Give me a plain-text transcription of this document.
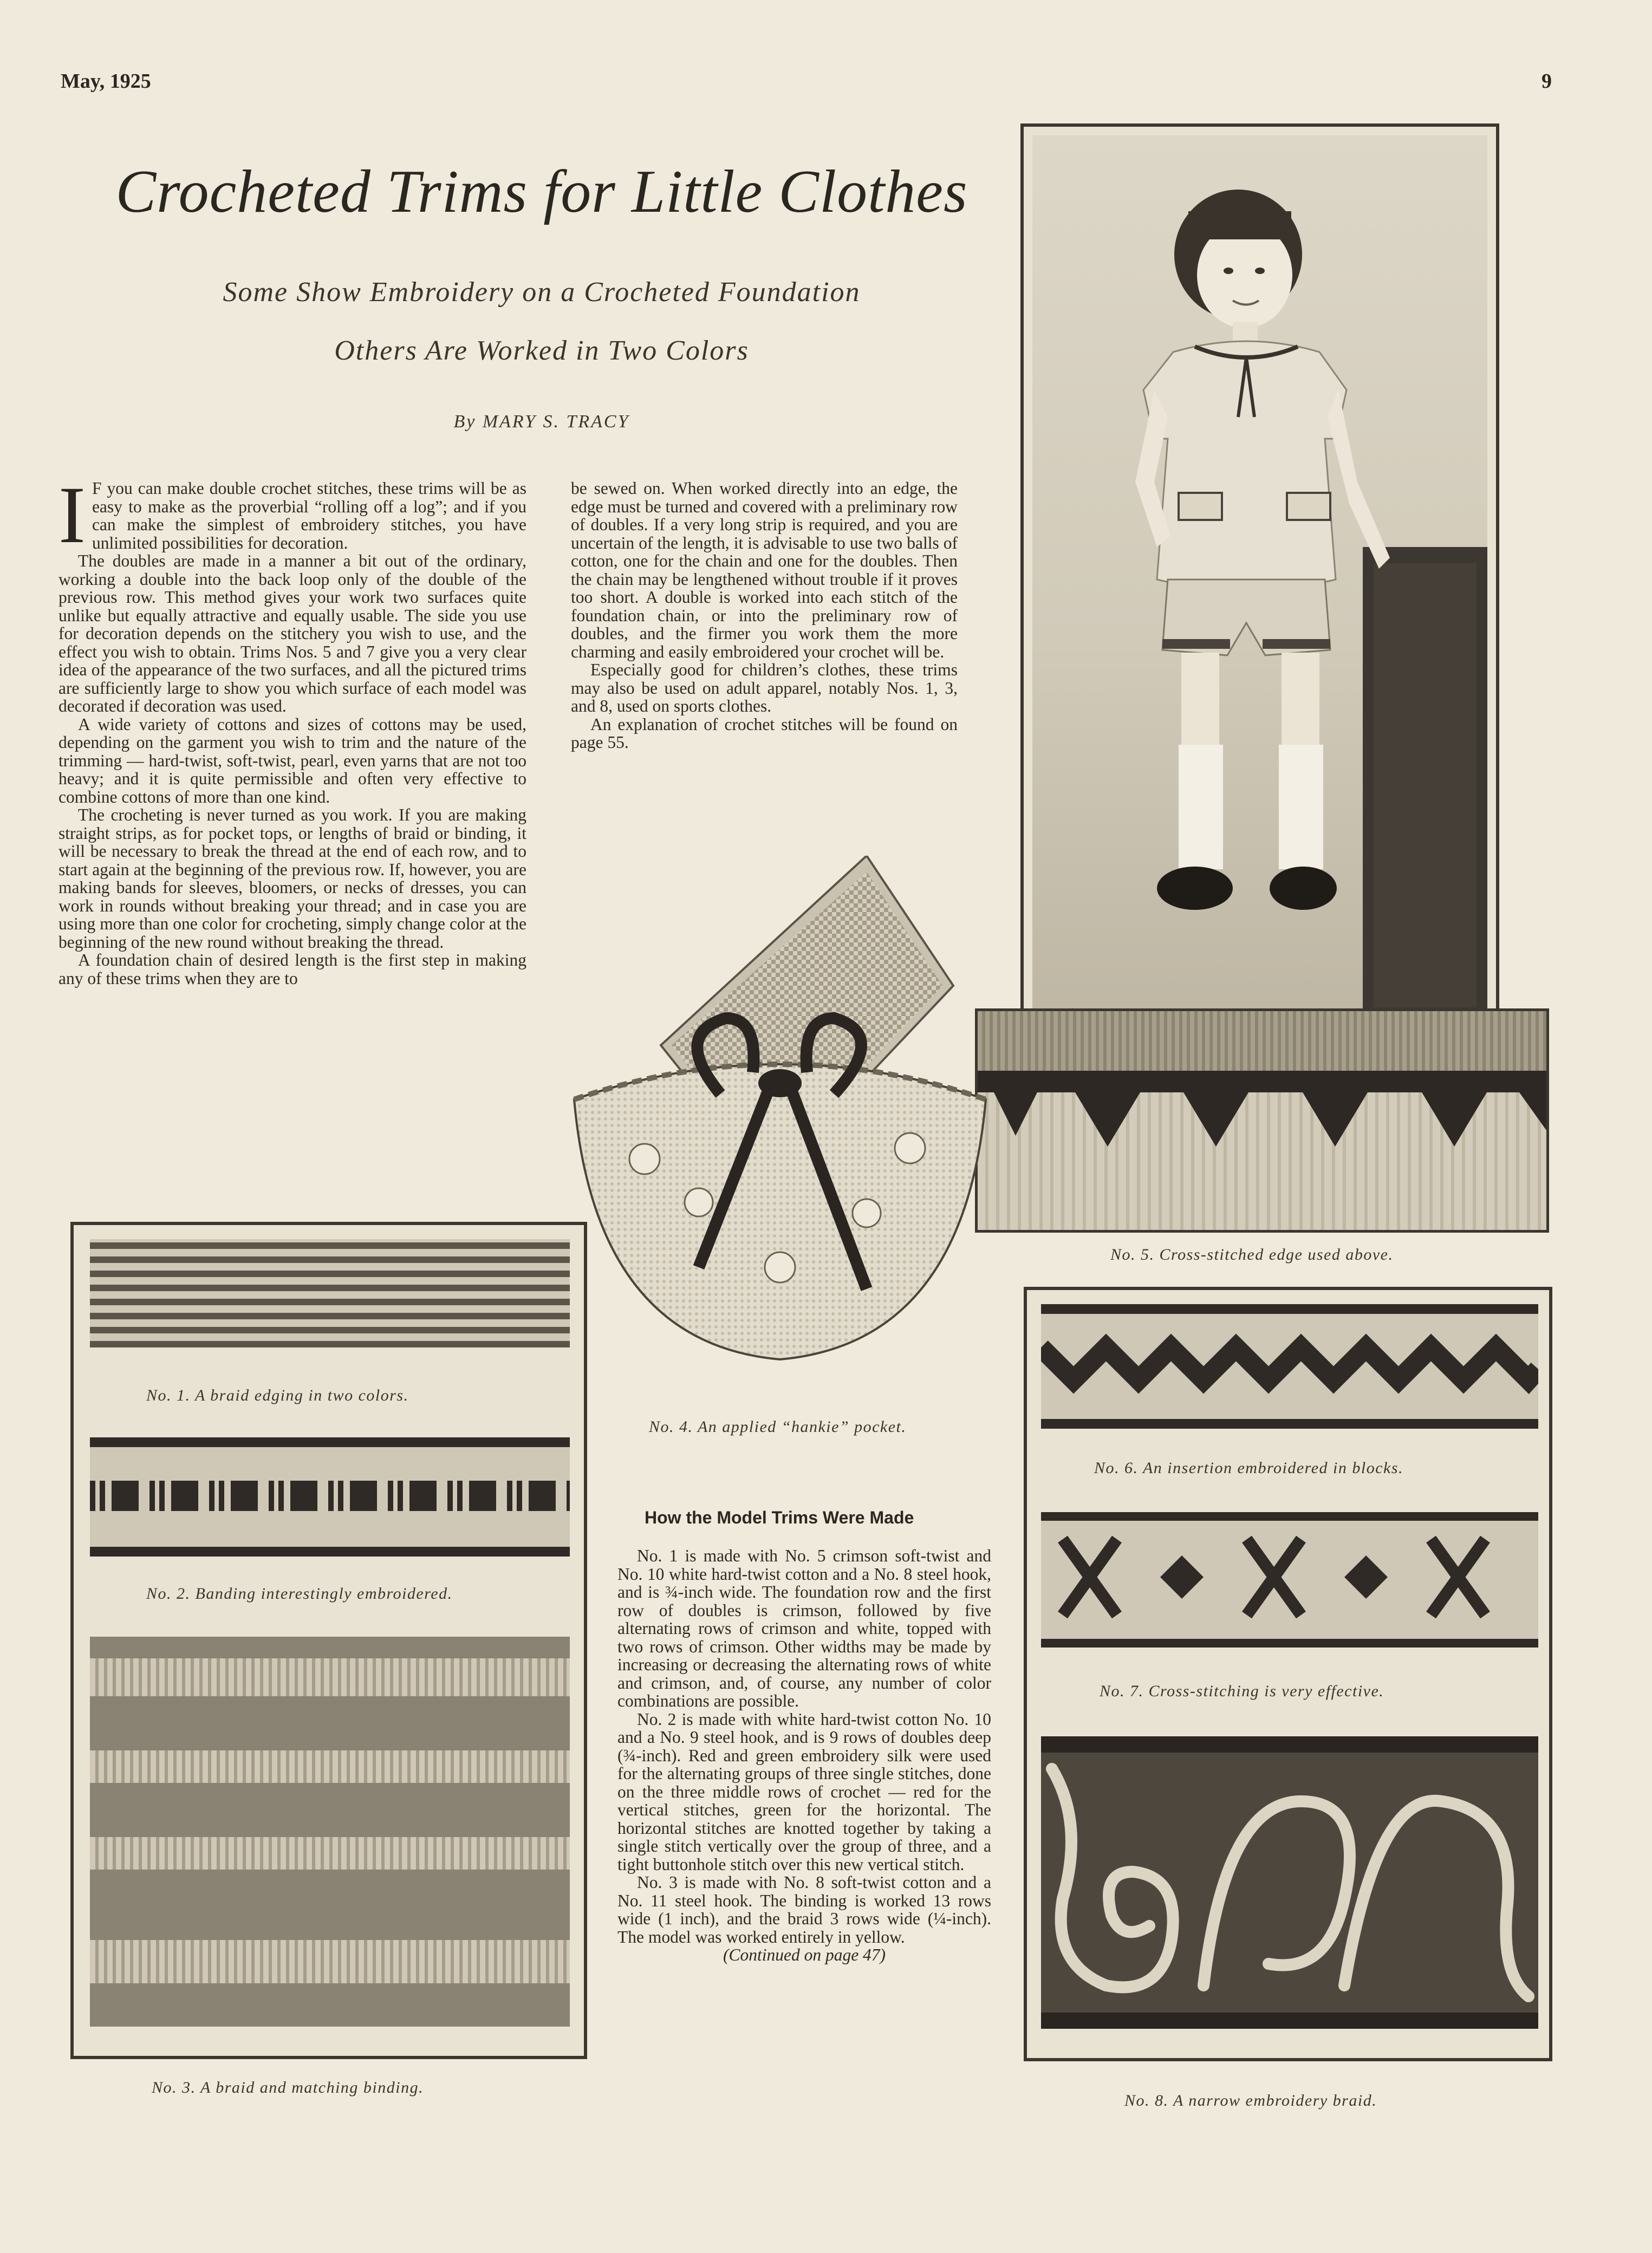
May, 1925	9
Crocheted Trims for Little Clothes
Some Show Embroidery on a Crocheted Foundation
Others Are Worked in Two Colors
By MARY S. TRACY

I F you can make double crochet stitches, these trims will be as easy to make as the proverbial “rolling off a log”; and if you can make the simplest of embroidery stitches, you have unlimited possibilities for decoration.

The doubles are made in a manner a bit out of the ordinary, working a double into the back loop only of the double of the previous row. This method gives your work two surfaces quite unlike but equally attractive and equally usable. The side you use for decoration depends on the stitchery you wish to use, and the effect you wish to obtain. Trims Nos. 5 and 7 give you a very clear idea of the appearance of the two surfaces, and all the pictured trims are sufficiently large to show you which surface of each model was decorated if decoration was used.

A wide variety of cottons and sizes of cottons may be used, depending on the garment you wish to trim and the nature of the trimming — hard-twist, soft-twist, pearl, even yarns that are not too heavy; and it is quite permissible and often very effective to combine cottons of more than one kind.

The crocheting is never turned as you work. If you are making straight strips, as for pocket tops, or lengths of braid or binding, it will be necessary to break the thread at the end of each row, and to start again at the beginning of the previous row. If, however, you are making bands for sleeves, bloomers, or necks of dresses, you can work in rounds without breaking your thread; and in case you are using more than one color for crocheting, simply change color at the beginning of the new round without breaking the thread.

A foundation chain of desired length is the first step in making any of these trims when they are to

be sewed on. When worked directly into an edge, the edge must be turned and covered with a preliminary row of doubles. If a very long strip is required, and you are uncertain of the length, it is advisable to use two balls of cotton, one for the chain and one for the doubles. Then the chain may be lengthened without trouble if it proves too short. A double is worked into each stitch of the foundation chain, or into the preliminary row of doubles, and the firmer you work them the more charming and easily embroidered your crochet will be.

Especially good for children’s clothes, these trims may also be used on adult apparel, notably Nos. 1, 3, and 8, used on sports clothes.

An explanation of crochet stitches will be found on page 55.

No. 5. Cross-stitched edge used above.
No. 4. An applied “hankie” pocket.
No. 1. A braid edging in two colors.
No. 2. Banding interestingly embroidered.
No. 3. A braid and matching binding.
How the Model Trims Were Made

No. 1 is made with No. 5 crimson soft-twist and No. 10 white hard-twist cotton and a No. 8 steel hook, and is ¾-inch wide. The foundation row and the first row of doubles is crimson, followed by five alternating rows of crimson and white, topped with two rows of crimson. Other widths may be made by increasing or decreasing the alternating rows of white and crimson, and, of course, any number of color combinations are possible.

No. 2 is made with white hard-twist cotton No. 10 and a No. 9 steel hook, and is 9 rows of doubles deep (¾-inch). Red and green embroidery silk were used for the alternating groups of three single stitches, done on the three middle rows of crochet — red for the vertical stitches, green for the horizontal. The horizontal stitches are knotted together by taking a single stitch vertically over the group of three, and a tight buttonhole stitch over this new vertical stitch.

No. 3 is made with No. 8 soft-twist cotton and a No. 11 steel hook. The binding is worked 13 rows wide (1 inch), and the braid 3 rows wide (¼-inch). The model was worked entirely in yellow.

(Continued on page 47)

No. 6. An insertion embroidered in blocks.
No. 7. Cross-stitching is very effective.
No. 8. A narrow embroidery braid.
